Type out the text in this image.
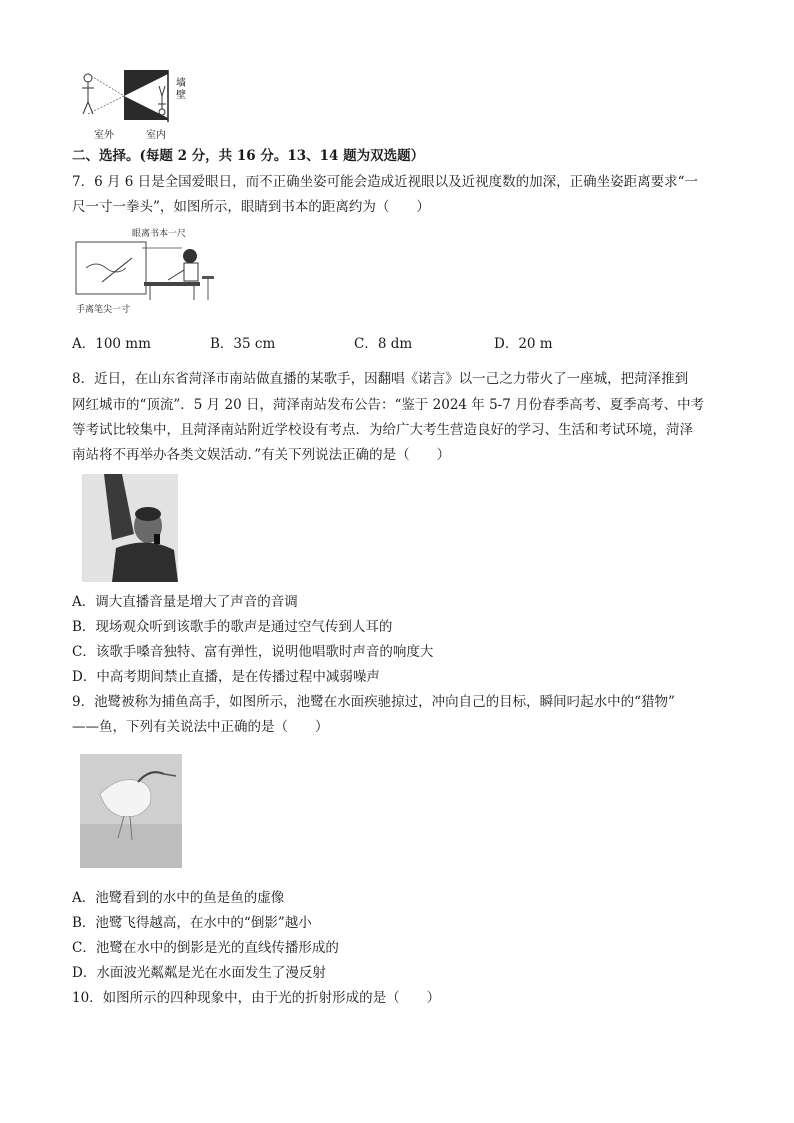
墙
壁
室外	室内
二、选择。(每题 2 分，共 16 分。13、14 题为双选题）
7．6 月 6 日是全国爱眼日，而不正确坐姿可能会造成近视眼以及近视度数的加深，正确坐姿距离要求“一
尺一寸一拳头”，如图所示，眼睛到书本的距离约为（　　）
眼离书本一尺
手离笔尖一寸
A．100 mm	B．35 cm	C．8 dm	D．20 m
8．近日，在山东省菏泽市南站做直播的某歌手，因翻唱《诺言》以一己之力带火了一座城，把菏泽推到
网红城市的“顶流”．5 月 20 日，菏泽南站发布公告：“鉴于 2024 年 5-7 月份春季高考、夏季高考、中考
等考试比较集中，且菏泽南站附近学校设有考点．为给广大考生营造良好的学习、生活和考试环境，菏泽
南站将不再举办各类文娱活动．”有关下列说法正确的是（　　）
A．调大直播音量是增大了声音的音调
B．现场观众听到该歌手的歌声是通过空气传到人耳的
C．该歌手嗓音独特、富有弹性，说明他唱歌时声音的响度大
D．中高考期间禁止直播，是在传播过程中减弱噪声
9．池鹭被称为捕鱼高手，如图所示，池鹭在水面疾驰掠过，冲向自己的目标，瞬间叼起水中的“猎物”
——鱼，下列有关说法中正确的是（　　）
A．池鹭看到的水中的鱼是鱼的虚像
B．池鹭飞得越高，在水中的“倒影”越小
C．池鹭在水中的倒影是光的直线传播形成的
D．水面波光粼粼是光在水面发生了漫反射
10．如图所示的四种现象中，由于光的折射形成的是（　　）
